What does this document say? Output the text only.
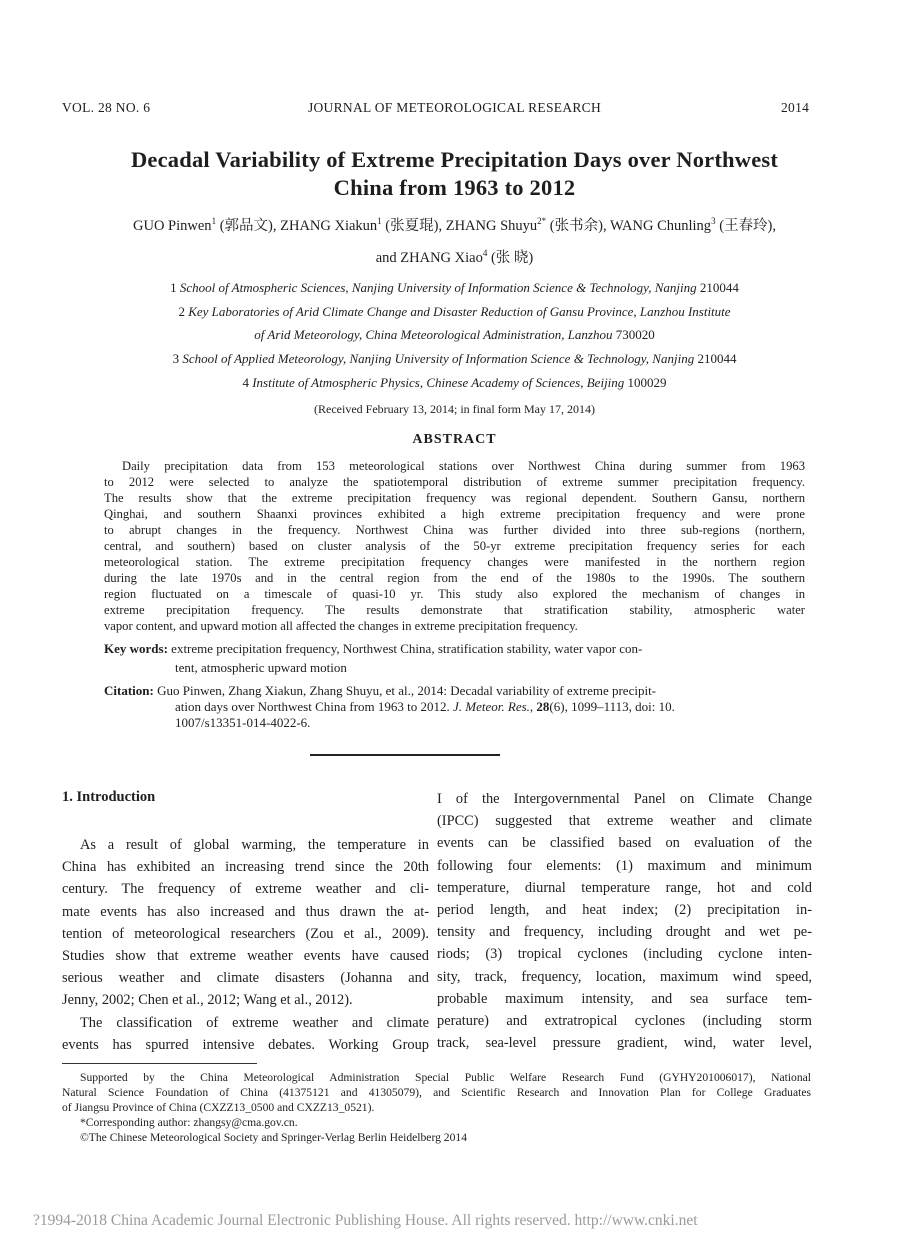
VOL. 28 NO. 6	JOURNAL OF METEOROLOGICAL RESEARCH	2014
Decadal Variability of Extreme Precipitation Days over Northwest
China from 1963 to 2012
GUO Pinwen$^1$ (郭品文), ZHANG Xiakun$^1$ (张夏琨), ZHANG Shuyu$^{2*}$ (张书余), WANG Chunling$^3$ (王春玲),
and ZHANG Xiao$^4$ (张 晓)
1 School of Atmospheric Sciences, Nanjing University of Information Science & Technology, Nanjing 210044
2 Key Laboratories of Arid Climate Change and Disaster Reduction of Gansu Province, Lanzhou Institute
of Arid Meteorology, China Meteorological Administration, Lanzhou 730020
3 School of Applied Meteorology, Nanjing University of Information Science & Technology, Nanjing 210044
4 Institute of Atmospheric Physics, Chinese Academy of Sciences, Beijing 100029
(Received February 13, 2014; in final form May 17, 2014)
ABSTRACT
Daily precipitation data from 153 meteorological stations over Northwest China during summer from 1963
to 2012 were selected to analyze the spatiotemporal distribution of extreme summer precipitation frequency.
The results show that the extreme precipitation frequency was regional dependent. Southern Gansu, northern
Qinghai, and southern Shaanxi provinces exhibited a high extreme precipitation frequency and were prone
to abrupt changes in the frequency. Northwest China was further divided into three sub-regions (northern,
central, and southern) based on cluster analysis of the 50-yr extreme precipitation frequency series for each
meteorological station. The extreme precipitation frequency changes were manifested in the northern region
during the late 1970s and in the central region from the end of the 1980s to the 1990s. The southern
region fluctuated on a timescale of quasi-10 yr. This study also explored the mechanism of changes in
extreme precipitation frequency. The results demonstrate that stratification stability, atmospheric water
vapor content, and upward motion all affected the changes in extreme precipitation frequency.
Key words: extreme precipitation frequency, Northwest China, stratification stability, water vapor con-
tent, atmospheric upward motion
Citation: Guo Pinwen, Zhang Xiakun, Zhang Shuyu, et al., 2014: Decadal variability of extreme precipit-
ation days over Northwest China from 1963 to 2012. J. Meteor. Res., 28(6), 1099–1113, doi: 10.
1007/s13351-014-4022-6.
1. Introduction
As a result of global warming, the temperature in
China has exhibited an increasing trend since the 20th
century. The frequency of extreme weather and cli-
mate events has also increased and thus drawn the at-
tention of meteorological researchers (Zou et al., 2009).
Studies show that extreme weather events have caused
serious weather and climate disasters (Johanna and
Jenny, 2002; Chen et al., 2012; Wang et al., 2012).
The classification of extreme weather and climate
events has spurred intensive debates. Working Group
I of the Intergovernmental Panel on Climate Change
(IPCC) suggested that extreme weather and climate
events can be classified based on evaluation of the
following four elements: (1) maximum and minimum
temperature, diurnal temperature range, hot and cold
period length, and heat index; (2) precipitation in-
tensity and frequency, including drought and wet pe-
riods; (3) tropical cyclones (including cyclone inten-
sity, track, frequency, location, maximum wind speed,
probable maximum intensity, and sea surface tem-
perature) and extratropical cyclones (including storm
track, sea-level pressure gradient, wind, water level,
Supported by the China Meteorological Administration Special Public Welfare Research Fund (GYHY201006017), National
Natural Science Foundation of China (41375121 and 41305079), and Scientific Research and Innovation Plan for College Graduates
of Jiangsu Province of China (CXZZ13_0500 and CXZZ13_0521).
*Corresponding author: zhangsy@cma.gov.cn.
©The Chinese Meteorological Society and Springer-Verlag Berlin Heidelberg 2014
?1994-2018 China Academic Journal Electronic Publishing House. All rights reserved. http://www.cnki.net
